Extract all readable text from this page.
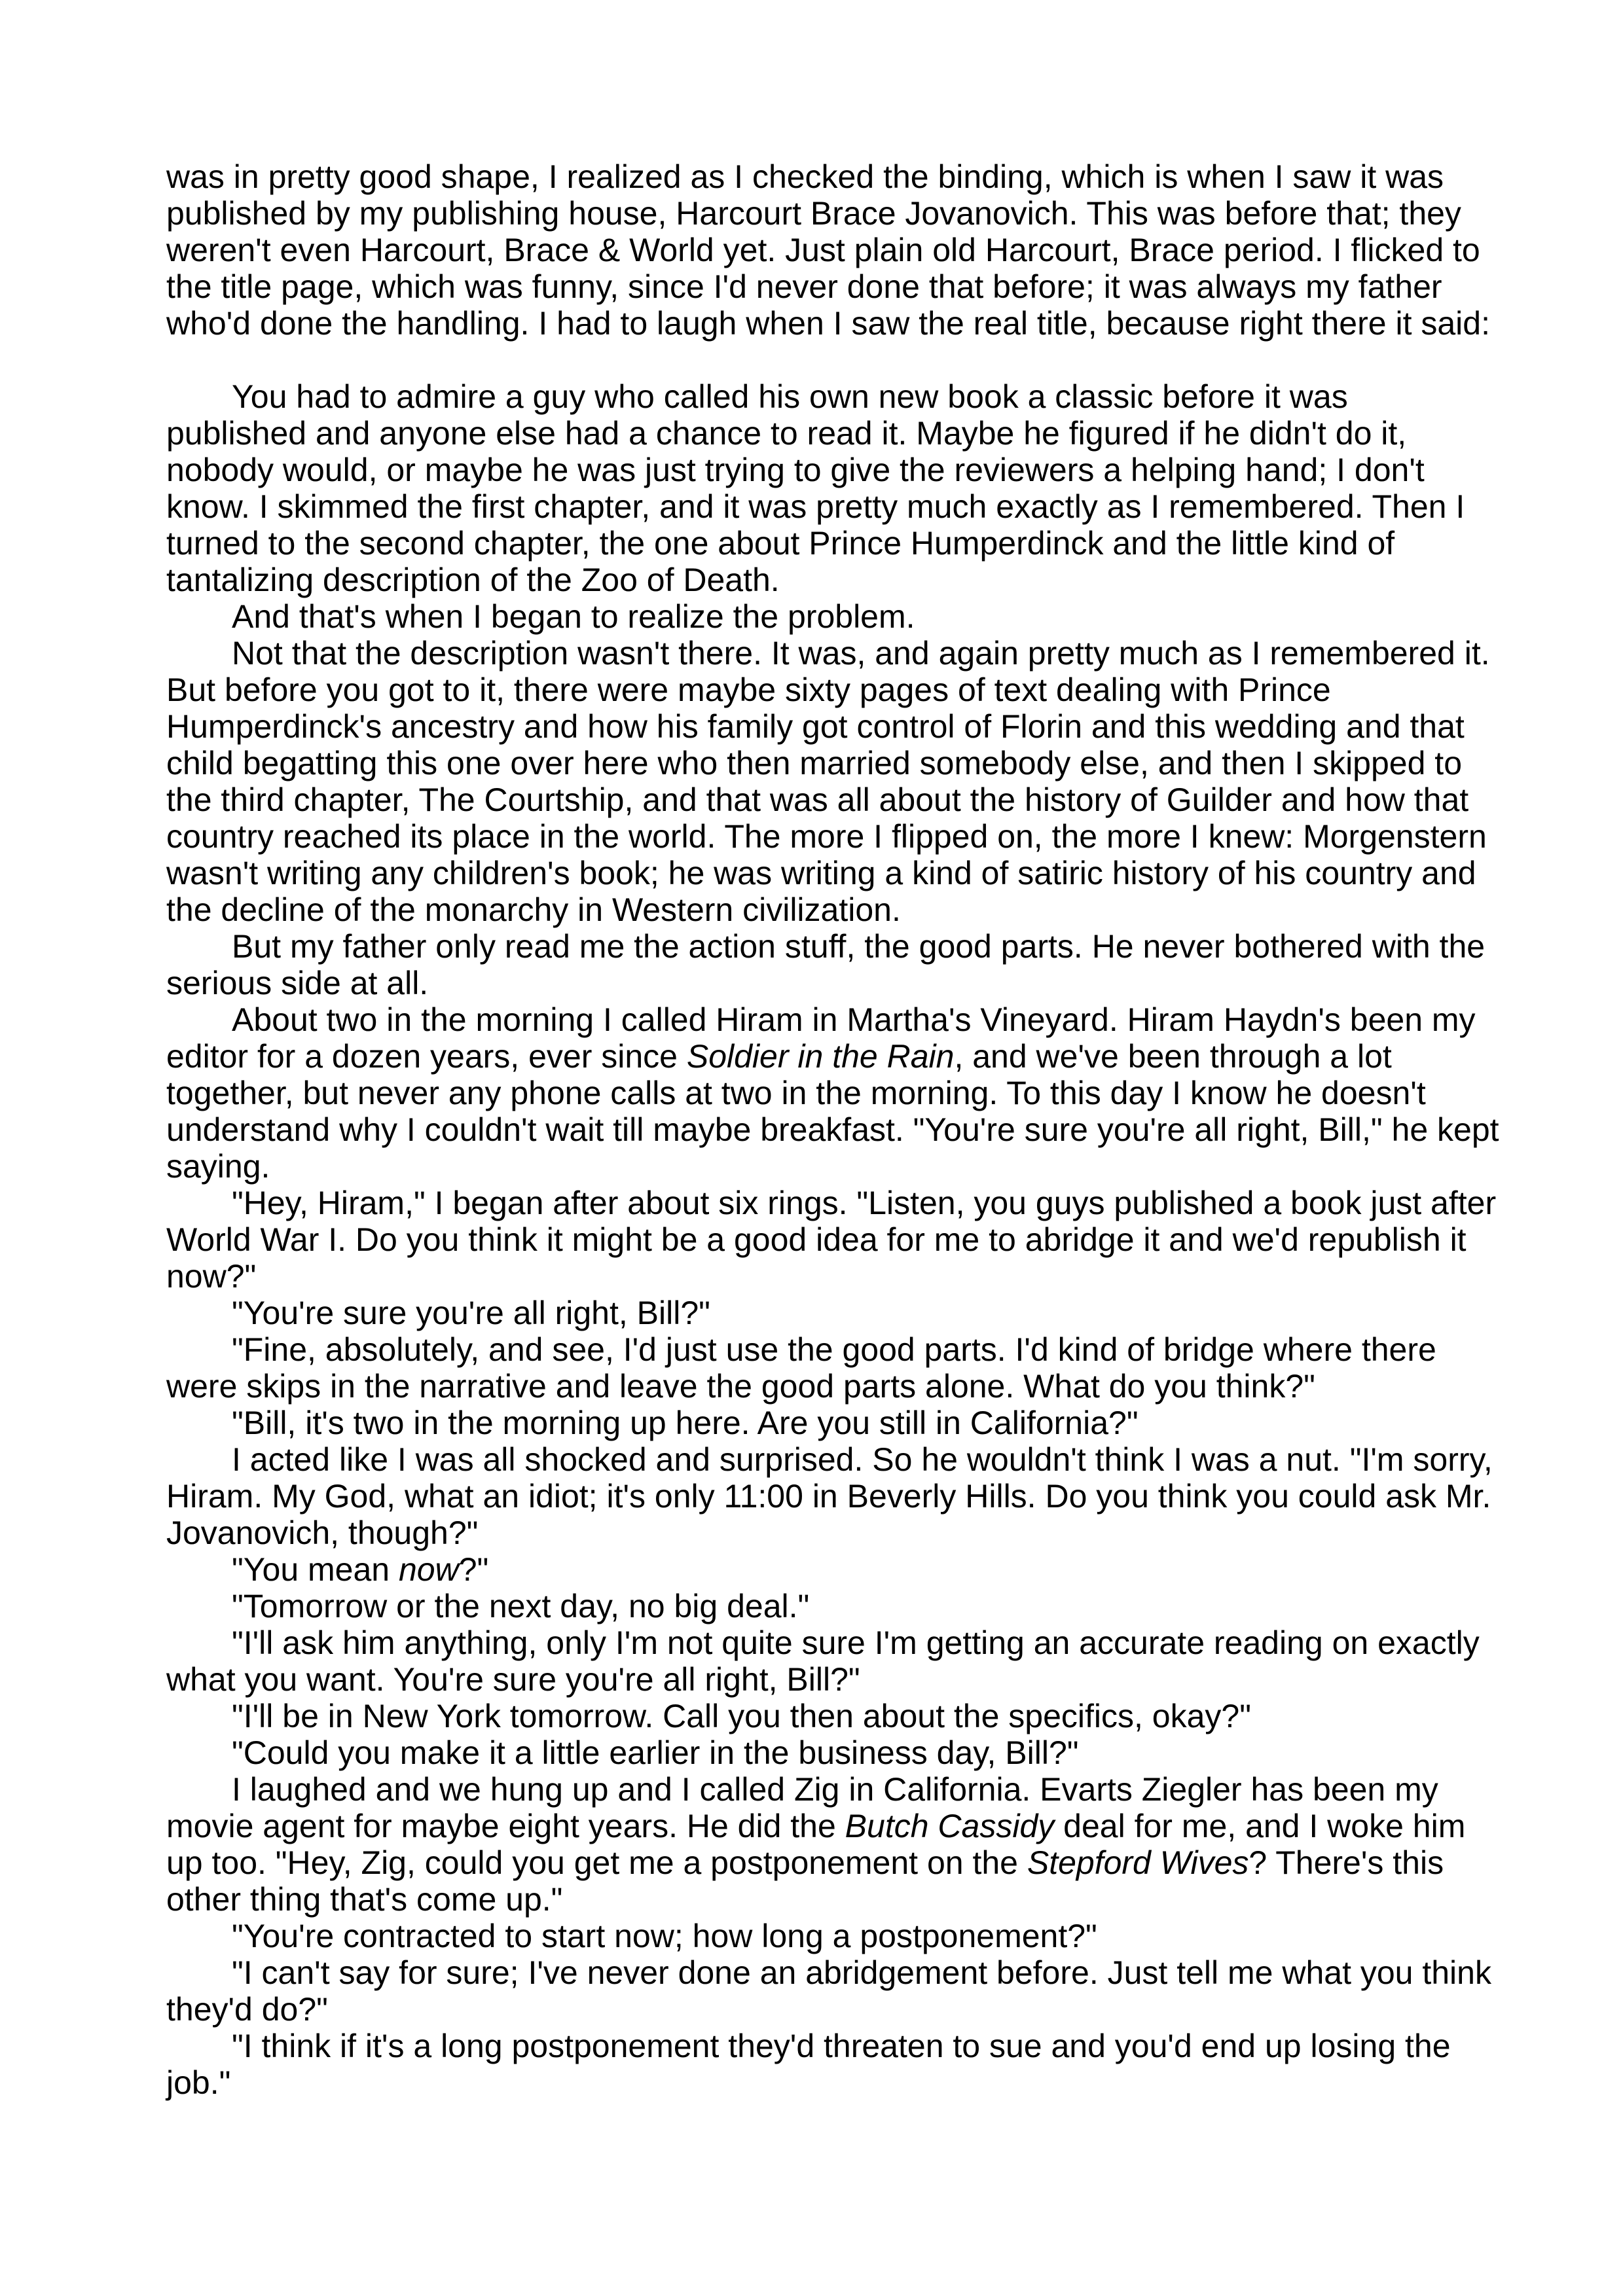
was in pretty good shape, I realized as I checked the binding, which is when I saw it was
published by my publishing house, Harcourt Brace Jovanovich. This was before that; they
weren't even Harcourt, Brace & World yet. Just plain old Harcourt, Brace period. I flicked to
the title page, which was funny, since I'd never done that before; it was always my father
who'd done the handling. I had to laugh when I saw the real title, because right there it said:
You had to admire a guy who called his own new book a classic before it was
published and anyone else had a chance to read it. Maybe he figured if he didn't do it,
nobody would, or maybe he was just trying to give the reviewers a helping hand; I don't
know. I skimmed the first chapter, and it was pretty much exactly as I remembered. Then I
turned to the second chapter, the one about Prince Humperdinck and the little kind of
tantalizing description of the Zoo of Death.
And that's when I began to realize the problem.
Not that the description wasn't there. It was, and again pretty much as I remembered it.
But before you got to it, there were maybe sixty pages of text dealing with Prince
Humperdinck's ancestry and how his family got control of Florin and this wedding and that
child begatting this one over here who then married somebody else, and then I skipped to
the third chapter, The Courtship, and that was all about the history of Guilder and how that
country reached its place in the world. The more I flipped on, the more I knew: Morgenstern
wasn't writing any children's book; he was writing a kind of satiric history of his country and
the decline of the monarchy in Western civilization.
But my father only read me the action stuff, the good parts. He never bothered with the
serious side at all.
About two in the morning I called Hiram in Martha's Vineyard. Hiram Haydn's been my
editor for a dozen years, ever since Soldier in the Rain, and we've been through a lot
together, but never any phone calls at two in the morning. To this day I know he doesn't
understand why I couldn't wait till maybe breakfast. "You're sure you're all right, Bill," he kept
saying.
"Hey, Hiram," I began after about six rings. "Listen, you guys published a book just after
World War I. Do you think it might be a good idea for me to abridge it and we'd republish it
now?"
"You're sure you're all right, Bill?"
"Fine, absolutely, and see, I'd just use the good parts. I'd kind of bridge where there
were skips in the narrative and leave the good parts alone. What do you think?"
"Bill, it's two in the morning up here. Are you still in California?"
I acted like I was all shocked and surprised. So he wouldn't think I was a nut. "I'm sorry,
Hiram. My God, what an idiot; it's only 11:00 in Beverly Hills. Do you think you could ask Mr.
Jovanovich, though?"
"You mean now?"
"Tomorrow or the next day, no big deal."
"I'll ask him anything, only I'm not quite sure I'm getting an accurate reading on exactly
what you want. You're sure you're all right, Bill?"
"I'll be in New York tomorrow. Call you then about the specifics, okay?"
"Could you make it a little earlier in the business day, Bill?"
I laughed and we hung up and I called Zig in California. Evarts Ziegler has been my
movie agent for maybe eight years. He did the Butch Cassidy deal for me, and I woke him
up too. "Hey, Zig, could you get me a postponement on the Stepford Wives? There's this
other thing that's come up."
"You're contracted to start now; how long a postponement?"
"I can't say for sure; I've never done an abridgement before. Just tell me what you think
they'd do?"
"I think if it's a long postponement they'd threaten to sue and you'd end up losing the
job."
